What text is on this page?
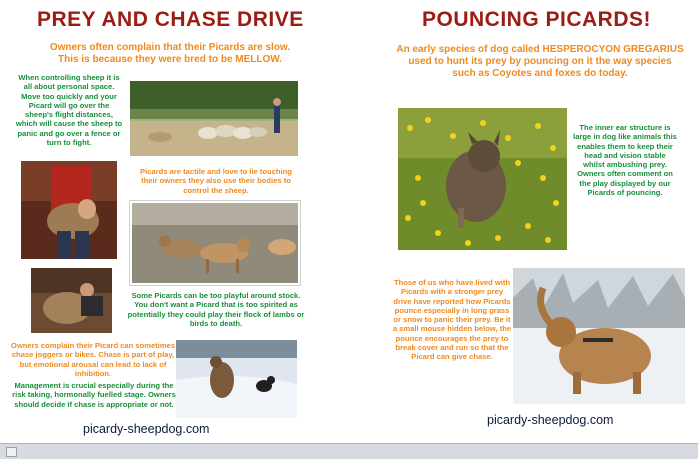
PREY AND CHASE DRIVE

Owners often complain that their Picards are slow.
This is because they were bred to be MELLOW.

When controlling sheep it is all about personal space. Move too quickly and your Picard will go over the sheep's flight distances, which will cause the sheep to panic and go over a fence or turn to fight.

Picards are tactile and love to lie touching their owners they also use their bodies to control the sheep.

Some Picards can be too playful around stock. You don't want a Picard that is too spirited as potentially they could play their flock of lambs or birds to death.

Owners complain their Picard can sometimes chase joggers or bikes. Chase is part of play, but emotional arousal can lead to lack of inhibition.

Management is crucial especially during the risk taking, hormonally fuelled stage. Owners should decide if chase is appropriate or not.

picardy-sheepdog.com

POUNCING PICARDS!

An early species of dog called HESPEROCYON GREGARIUS used to hunt its prey by pouncing on it the way species such as Coyotes and foxes do today.

The inner ear structure is large in dog like animals this enables them to keep their head and vision stable whilst ambushing prey. Owners often comment on the play displayed by our Picards of pouncing.

Those of us who have lived with Picards with a stronger prey drive have reported how Picards pounce especially in long grass or snow to panic their prey. Be it a small mouse hidden below, the pounce encourages the prey to break cover and run so that the Picard can give chase.

picardy-sheepdog.com
